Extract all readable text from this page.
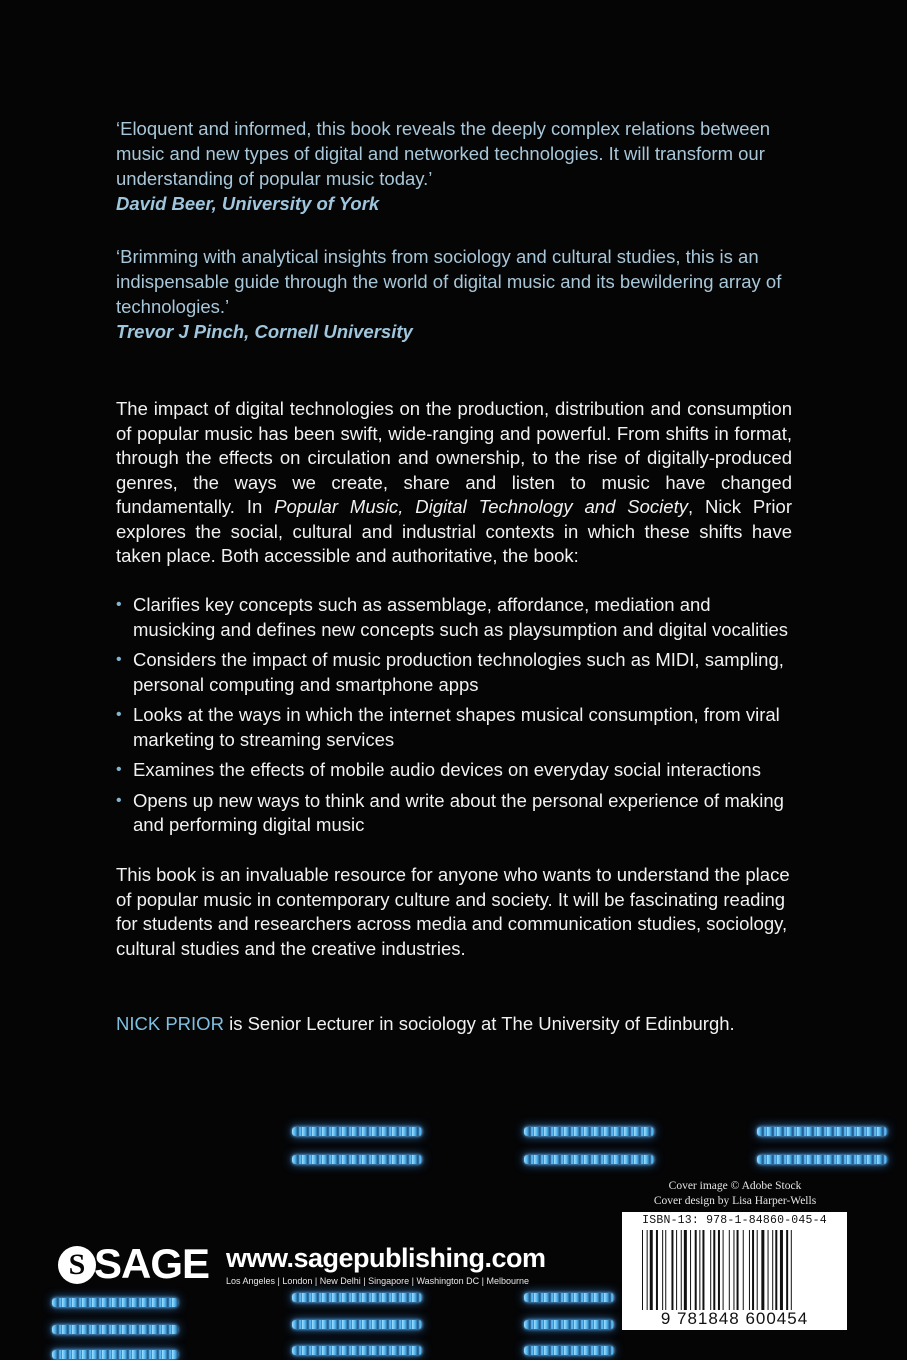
‘Eloquent and informed, this book reveals the deeply complex relations between music and new types of digital and networked technologies. It will transform our understanding of popular music today.’
David Beer, University of York
‘Brimming with analytical insights from sociology and cultural studies, this is an indispensable guide through the world of digital music and its bewildering array of technologies.’
Trevor J Pinch, Cornell University

The impact of digital technologies on the production, distribution and consumption of popular music has been swift, wide-ranging and powerful. From shifts in format, through the effects on circulation and ownership, to the rise of digitally-produced genres, the ways we create, share and listen to music have changed fundamentally. In Popular Music, Digital Technology and Society, Nick Prior explores the social, cultural and industrial contexts in which these shifts have taken place. Both accessible and authoritative, the book:

• Clarifies key concepts such as assemblage, affordance, mediation and musicking and defines new concepts such as playsumption and digital vocalities
• Considers the impact of music production technologies such as MIDI, sampling, personal computing and smartphone apps
• Looks at the ways in which the internet shapes musical consumption, from viral marketing to streaming services
• Examines the effects of mobile audio devices on everyday social interactions
• Opens up new ways to think and write about the personal experience of making and performing digital music

This book is an invaluable resource for anyone who wants to understand the place of popular music in contemporary culture and society. It will be fascinating reading for students and researchers across media and communication studies, sociology, cultural studies and the creative industries.

NICK PRIOR is Senior Lecturer in sociology at The University of Edinburgh.
Cover image © Adobe Stock
Cover design by Lisa Harper-Wells
ISBN-13: 978-1-84860-045-4
9 781848 600454
S SAGE www.sagepublishing.com
Los Angeles | London | New Delhi | Singapore | Washington DC | Melbourne
